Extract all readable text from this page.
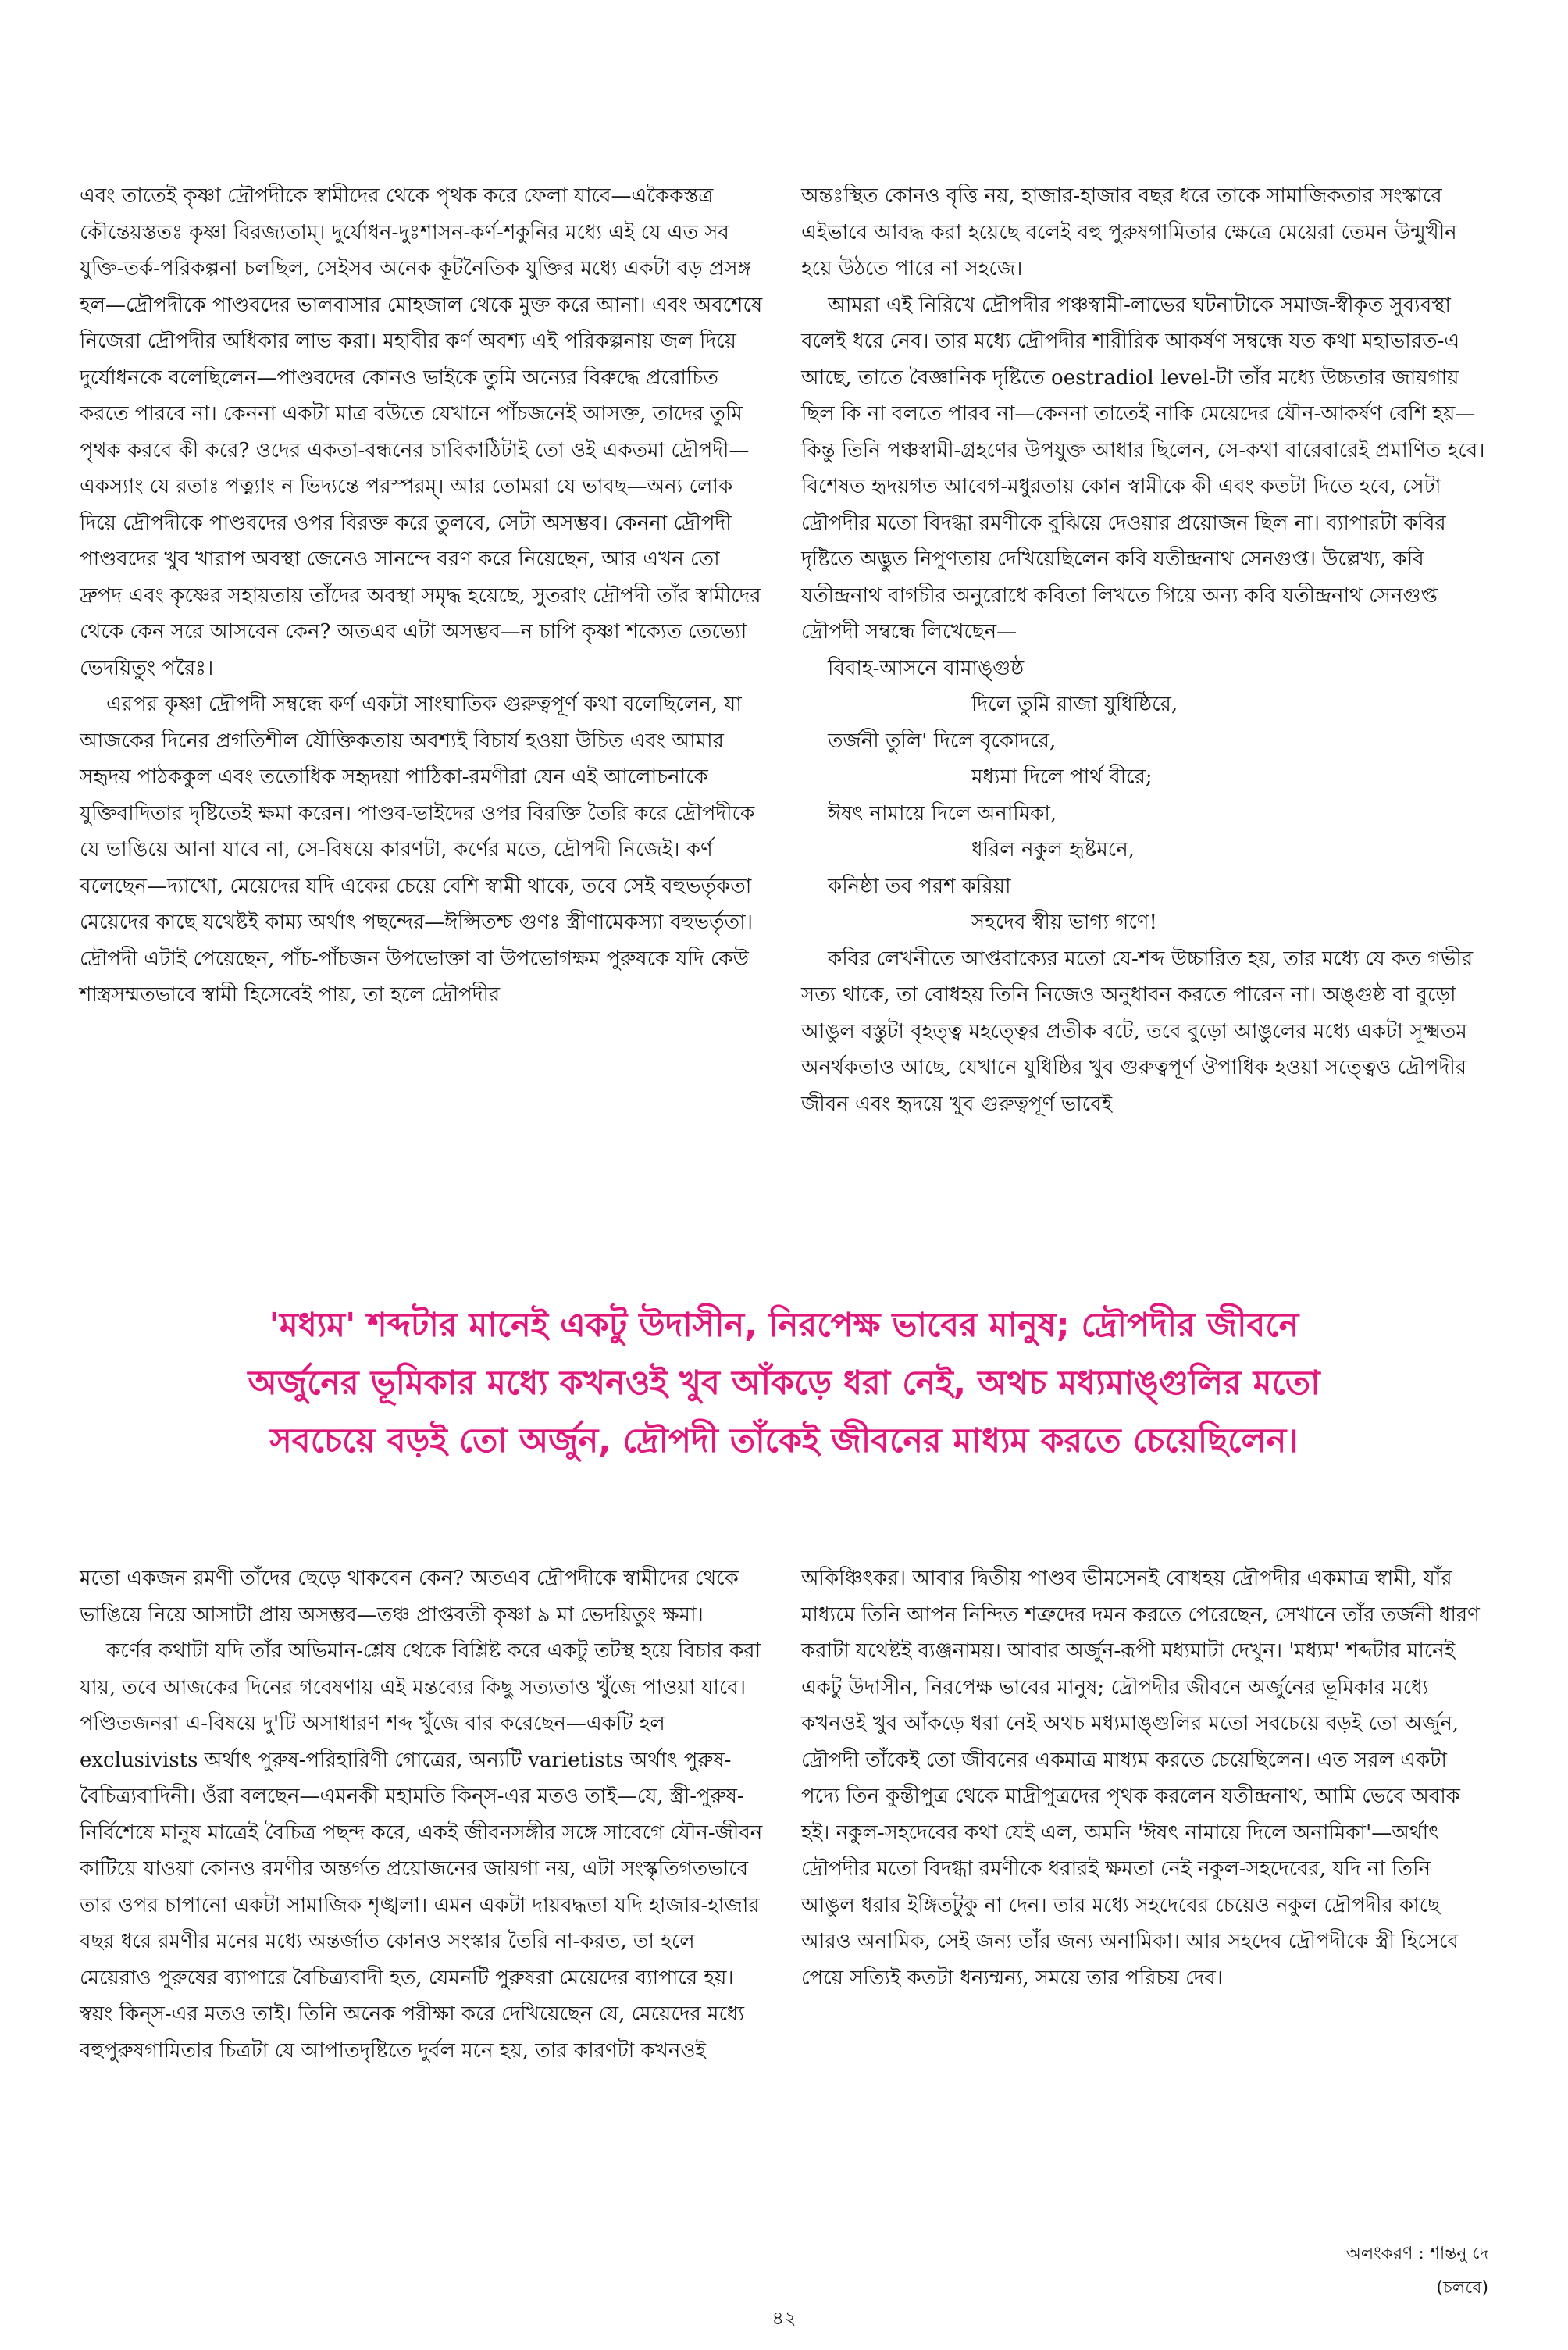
এবং তাতেই কৃষ্ণা দ্রৌপদীকে স্বামীদের থেকে পৃথক করে ফেলা যাবে—একৈকস্তত্র কৌন্তেয়স্ততঃ কৃষ্ণা বিরজ্যতাম্। দুর্যোধন-দুঃশাসন-কর্ণ-শকুনির মধ্যে এই যে এত সব যুক্তি-তর্ক-পরিকল্পনা চলছিল, সেইসব অনেক কূটনৈতিক যুক্তির মধ্যে একটা বড় প্রসঙ্গ হল—দ্রৌপদীকে পাণ্ডবদের ভালবাসার মোহজাল থেকে মুক্ত করে আনা। এবং অবশেষে নিজেরা দ্রৌপদীর অধিকার লাভ করা। মহাবীর কর্ণ অবশ্য এই পরিকল্পনায় জল দিয়ে দুর্যোধনকে বলেছিলেন—পাণ্ডবদের কোনও ভাইকে তুমি অন্যের বিরুদ্ধে প্ররোচিত করতে পারবে না। কেননা একটা মাত্র বউতে যেখানে পাঁচজনেই আসক্ত, তাদের তুমি পৃথক করবে কী করে? ওদের একতা-বন্ধনের চাবিকাঠিটাই তো ওই একতমা দ্রৌপদী—একস্যাং যে রতাঃ পত্ন্যাং ন ভিদ্যন্তে পরস্পরম্। আর তোমরা যে ভাবছ—অন্য লোক দিয়ে দ্রৌপদীকে পাণ্ডবদের ওপর বিরক্ত করে তুলবে, সেটা অসম্ভব। কেননা দ্রৌপদী পাণ্ডবদের খুব খারাপ অবস্থা জেনেও সানন্দে বরণ করে নিয়েছেন, আর এখন তো দ্রুপদ এবং কৃষ্ণের সহায়তায় তাঁদের অবস্থা সমৃদ্ধ হয়েছে, সুতরাং দ্রৌপদী তাঁর স্বামীদের থেকে কেন সরে আসবেন কেন? অতএব এটা অসম্ভব—ন চাপি কৃষ্ণা শক্যেত তেভ্যো ভেদয়িতুং পরৈঃ।

এরপর কৃষ্ণা দ্রৌপদী সম্বন্ধে কর্ণ একটা সাংঘাতিক গুরুত্বপূর্ণ কথা বলেছিলেন, যা আজকের দিনের প্রগতিশীল যৌক্তিকতায় অবশ্যই বিচার্য হওয়া উচিত এবং আমার সহৃদয় পাঠককুল এবং ততোধিক সহৃদয়া পাঠিকা-রমণীরা যেন এই আলোচনাকে যুক্তিবাদিতার দৃষ্টিতেই ক্ষমা করেন। পাণ্ডব-ভাইদের ওপর বিরক্তি তৈরি করে দ্রৌপদীকে যে ভাঙিয়ে আনা যাবে না, সে-বিষয়ে কারণটা, কর্ণের মতে, দ্রৌপদী নিজেই। কর্ণ বলেছেন—দ্যাখো, মেয়েদের যদি একের চেয়ে বেশি স্বামী থাকে, তবে সেই বহুভর্তৃকতা মেয়েদের কাছে যথেষ্টই কাম্য অর্থাৎ পছন্দের—ঈপ্সিতশ্চ গুণঃ স্ত্রীণামেকস্যা বহুভর্তৃতা। দ্রৌপদী এটাই পেয়েছেন, পাঁচ-পাঁচজন উপভোক্তা বা উপভোগক্ষম পুরুষকে যদি কেউ শাস্ত্রসম্মতভাবে স্বামী হিসেবেই পায়, তা হলে দ্রৌপদীর

অন্তঃস্থিত কোনও বৃত্তি নয়, হাজার-হাজার বছর ধরে তাকে সামাজিকতার সংস্কারে এইভাবে আবদ্ধ করা হয়েছে বলেই বহু পুরুষগামিতার ক্ষেত্রে মেয়েরা তেমন উন্মুখীন হয়ে উঠতে পারে না সহজে।

আমরা এই নিরিখে দ্রৌপদীর পঞ্চস্বামী-লাভের ঘটনাটাকে সমাজ-স্বীকৃত সুব্যবস্থা বলেই ধরে নেব। তার মধ্যে দ্রৌপদীর শারীরিক আকর্ষণ সম্বন্ধে যত কথা মহাভারত-এ আছে, তাতে বৈজ্ঞানিক দৃষ্টিতে oestradiol level-টা তাঁর মধ্যে উচ্চতার জায়গায় ছিল কি না বলতে পারব না—কেননা তাতেই নাকি মেয়েদের যৌন-আকর্ষণ বেশি হয়—কিন্তু তিনি পঞ্চস্বামী-গ্রহণের উপযুক্ত আধার ছিলেন, সে-কথা বারেবারেই প্রমাণিত হবে। বিশেষত হৃদয়গত আবেগ-মধুরতায় কোন স্বামীকে কী এবং কতটা দিতে হবে, সেটা দ্রৌপদীর মতো বিদগ্ধা রমণীকে বুঝিয়ে দেওয়ার প্রয়োজন ছিল না। ব্যাপারটা কবির দৃষ্টিতে অদ্ভুত নিপুণতায় দেখিয়েছিলেন কবি যতীন্দ্রনাথ সেনগুপ্ত। উল্লেখ্য, কবি যতীন্দ্রনাথ বাগচীর অনুরোধে কবিতা লিখতে গিয়ে অন্য কবি যতীন্দ্রনাথ সেনগুপ্ত দ্রৌপদী সম্বন্ধে লিখেছেন—

বিবাহ-আসনে বামাঙ্গুষ্ঠ
দিলে তুমি রাজা যুধিষ্ঠিরে,
তর্জনী তুলি' দিলে বৃকোদরে,
মধ্যমা দিলে পার্থ বীরে;
ঈষৎ নামায়ে দিলে অনামিকা,
ধরিল নকুল হৃষ্টমনে,
কনিষ্ঠা তব পরশ করিয়া
সহদেব স্বীয় ভাগ্য গণে!

কবির লেখনীতে আপ্তবাক্যের মতো যে-শব্দ উচ্চারিত হয়, তার মধ্যে যে কত গভীর সত্য থাকে, তা বোধহয় তিনি নিজেও অনুধাবন করতে পারেন না। অঙ্গুষ্ঠ বা বুড়ো আঙুল বস্তুটা বৃহত্ত্ব মহত্ত্বের প্রতীক বটে, তবে বুড়ো আঙুলের মধ্যে একটা সূক্ষ্মতম অনর্থকতাও আছে, যেখানে যুধিষ্ঠির খুব গুরুত্বপূর্ণ ঔপাধিক হওয়া সত্ত্বেও দ্রৌপদীর জীবন এবং হৃদয়ে খুব গুরুত্বপূর্ণ ভাবেই

'মধ্যম' শব্দটার মানেই একটু উদাসীন, নিরপেক্ষ ভাবের মানুষ; দ্রৌপদীর জীবনে
অর্জুনের ভূমিকার মধ্যে কখনওই খুব আঁকড়ে ধরা নেই, অথচ মধ্যমাঙ্গুলির মতো
সবচেয়ে বড়ই তো অর্জুন, দ্রৌপদী তাঁকেই জীবনের মাধ্যম করতে চেয়েছিলেন।

মতো একজন রমণী তাঁদের ছেড়ে থাকবেন কেন? অতএব দ্রৌপদীকে স্বামীদের থেকে ভাঙিয়ে নিয়ে আসাটা প্রায় অসম্ভব—তঞ্চ প্রাপ্তবতী কৃষ্ণা ৯ মা ভেদয়িতুং ক্ষমা।

কর্ণের কথাটা যদি তাঁর অভিমান-শ্লেষ থেকে বিশ্লিষ্ট করে একটু তটস্থ হয়ে বিচার করা যায়, তবে আজকের দিনের গবেষণায় এই মন্তব্যের কিছু সত্যতাও খুঁজে পাওয়া যাবে। পণ্ডিতজনরা এ-বিষয়ে দু'টি অসাধারণ শব্দ খুঁজে বার করেছেন—একটি হল exclusivists অর্থাৎ পুরুষ-পরিহারিণী গোত্রের, অন্যটি varietists অর্থাৎ পুরুষ-বৈচিত্র্যবাদিনী। ওঁরা বলছেন—এমনকী মহামতি কিন্‌স-এর মতও তাই—যে, স্ত্রী-পুরুষ-নির্বিশেষে মানুষ মাত্রেই বৈচিত্র পছন্দ করে, একই জীবনসঙ্গীর সঙ্গে সাবেগে যৌন-জীবন কাটিয়ে যাওয়া কোনও রমণীর অন্তর্গত প্রয়োজনের জায়গা নয়, এটা সংস্কৃতিগতভাবে তার ওপর চাপানো একটা সামাজিক শৃঙ্খলা। এমন একটা দায়বদ্ধতা যদি হাজার-হাজার বছর ধরে রমণীর মনের মধ্যে অন্তর্জাত কোনও সংস্কার তৈরি না-করত, তা হলে মেয়েরাও পুরুষের ব্যাপারে বৈচিত্র্যবাদী হত, যেমনটি পুরুষরা মেয়েদের ব্যাপারে হয়। স্বয়ং কিন্‌স-এর মতও তাই। তিনি অনেক পরীক্ষা করে দেখিয়েছেন যে, মেয়েদের মধ্যে বহুপুরুষগামিতার চিত্রটা যে আপাতদৃষ্টিতে দুর্বল মনে হয়, তার কারণটা কখনওই

অকিঞ্চিৎকর। আবার দ্বিতীয় পাণ্ডব ভীমসেনই বোধহয় দ্রৌপদীর একমাত্র স্বামী, যাঁর মাধ্যমে তিনি আপন নিন্দিত শত্রুদের দমন করতে পেরেছেন, সেখানে তাঁর তর্জনী ধারণ করাটা যথেষ্টই ব্যঞ্জনাময়। আবার অর্জুন-রূপী মধ্যমাটা দেখুন। 'মধ্যম' শব্দটার মানেই একটু উদাসীন, নিরপেক্ষ ভাবের মানুষ; দ্রৌপদীর জীবনে অর্জুনের ভূমিকার মধ্যে কখনওই খুব আঁকড়ে ধরা নেই অথচ মধ্যমাঙ্গুলির মতো সবচেয়ে বড়ই তো অর্জুন, দ্রৌপদী তাঁকেই তো জীবনের একমাত্র মাধ্যম করতে চেয়েছিলেন। এত সরল একটা পদ্যে তিন কুন্তীপুত্র থেকে মাদ্রীপুত্রদের পৃথক করলেন যতীন্দ্রনাথ, আমি ভেবে অবাক হই। নকুল-সহদেবের কথা যেই এল, অমনি 'ঈষৎ নামায়ে দিলে অনামিকা'—অর্থাৎ দ্রৌপদীর মতো বিদগ্ধা রমণীকে ধরারই ক্ষমতা নেই নকুল-সহদেবের, যদি না তিনি আঙুল ধরার ইঙ্গিতটুকু না দেন। তার মধ্যে সহদেবের চেয়েও নকুল দ্রৌপদীর কাছে আরও অনামিক, সেই জন্য তাঁর জন্য অনামিকা। আর সহদেব দ্রৌপদীকে স্ত্রী হিসেবে পেয়ে সত্যিই কতটা ধন্যম্মন্য, সময়ে তার পরিচয় দেব।

অলংকরণ : শান্তনু দে
(চলবে)
৪২
